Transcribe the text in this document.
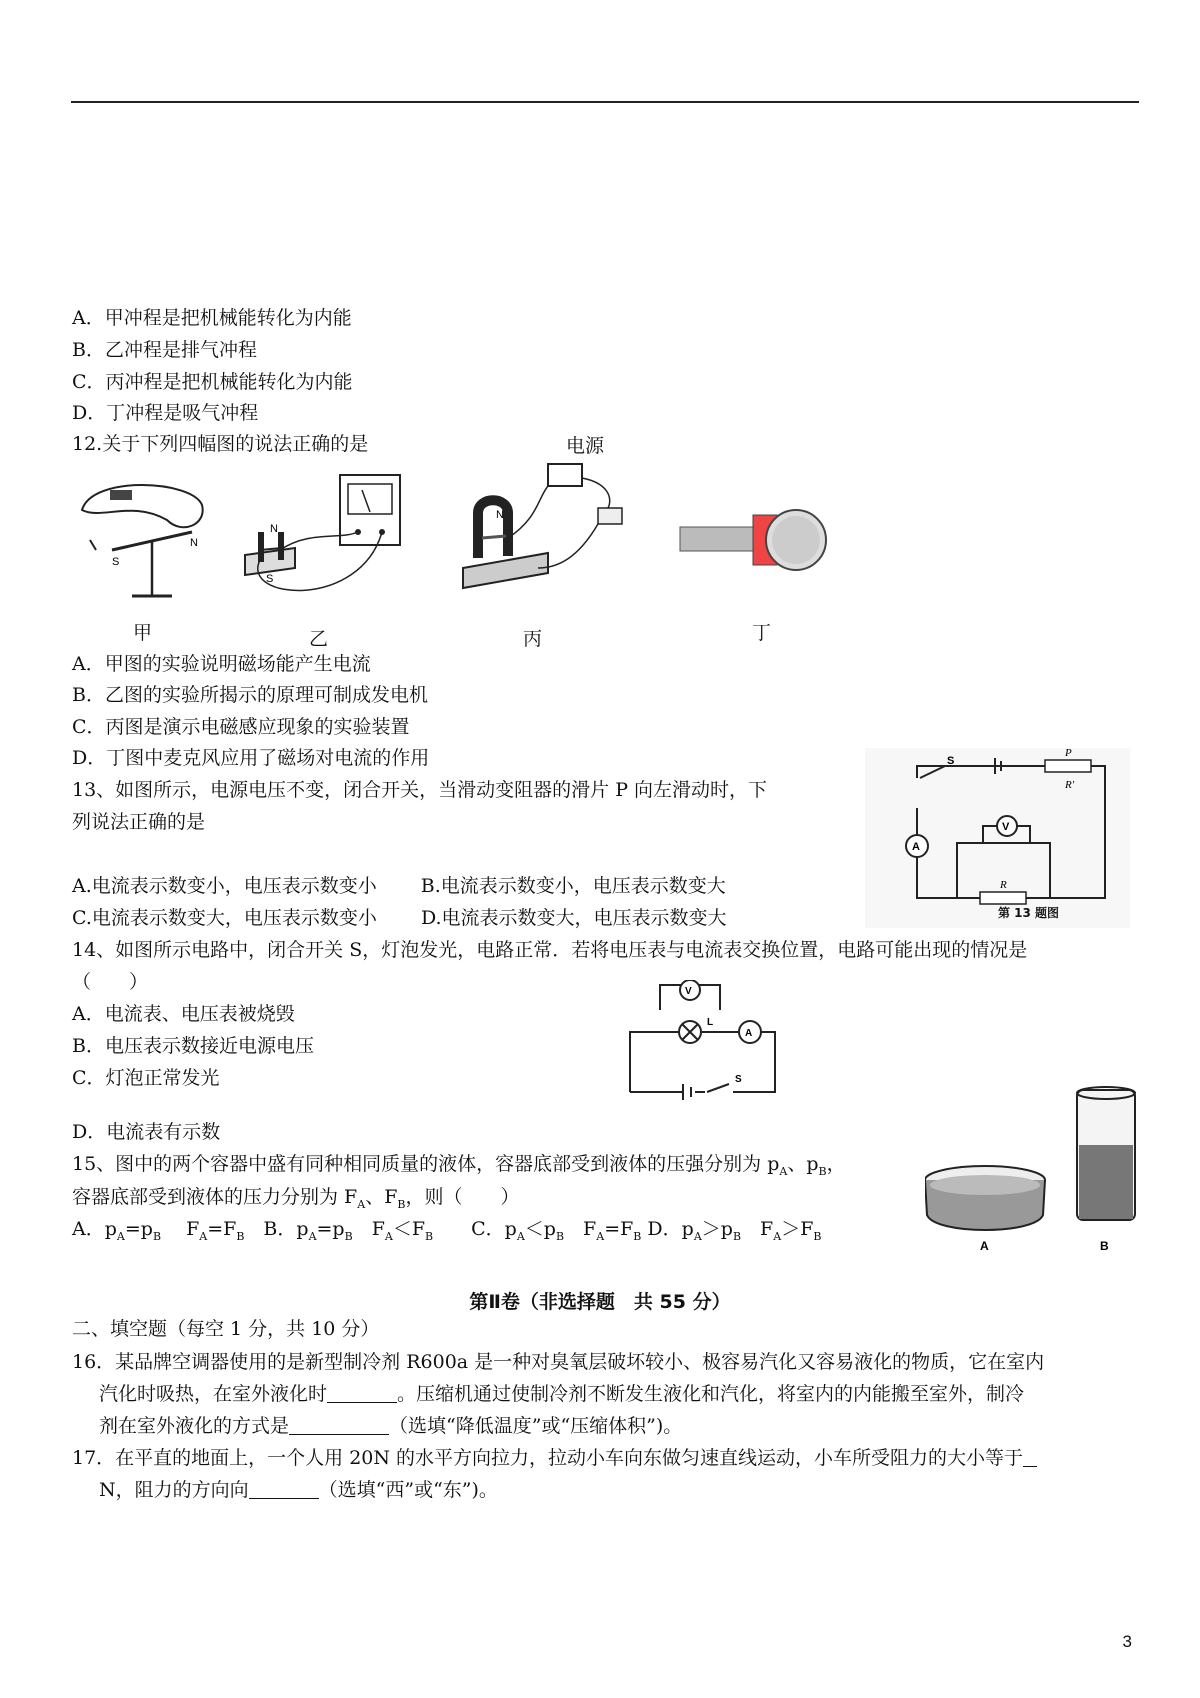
A．甲冲程是把机械能转化为内能
B．乙冲程是排气冲程
C．丙冲程是把机械能转化为内能
D．丁冲程是吸气冲程
12.关于下列四幅图的说法正确的是
S
N
N
S
电源
N
甲	乙	丙	丁
A．甲图的实验说明磁场能产生电流
B．乙图的实验所揭示的原理可制成发电机
C．丙图是演示电磁感应现象的实验装置
D．丁图中麦克风应用了磁场对电流的作用
13、如图所示，电源电压不变，闭合开关，当滑动变阻器的滑片 P 向左滑动时，下
列说法正确的是
A.电流表示数变小，电压表示数变小　　 B.电流表示数变小，电压表示数变大
C.电流表示数变大，电压表示数变小　　 D.电流表示数变大，电压表示数变大
S
P
R'
A
R
V
第 13 题图
14、如图所示电路中，闭合开关 S，灯泡发光，电路正常．若将电压表与电流表交换位置，电路可能出现的情况是
（　　）
A．电流表、电压表被烧毁
B．电压表示数接近电源电压
C．灯泡正常发光
D．电流表有示数
V
L
A
S
15、图中的两个容器中盛有同种相同质量的液体，容器底部受到液体的压强分别为 $p_A$、$p_B$，
容器底部受到液体的压力分别为 $F_A$、$F_B$，则（　　）
A．$p_A=p_B$　 $F_A=F_B$　B．$p_A=p_B$　$F_A<F_B$　　C．$p_A<p_B$　$F_A=F_B$ D．$p_A>p_B$　$F_A>F_B$
A	B
第Ⅱ卷（非选择题　共 55 分）
二、填空题（每空 1 分，共 10 分）
16．某品牌空调器使用的是新型制冷剂 R600a 是一种对臭氧层破坏较小、极容易汽化又容易液化的物质，它在室内
汽化时吸热，在室外液化时	。压缩机通过使制冷剂不断发生液化和汽化，将室内的内能搬至室外，制冷
剂在室外液化的方式是	（选填“降低温度”或“压缩体积”)。
17．在平直的地面上，一个人用 20N 的水平方向拉力，拉动小车向东做匀速直线运动，小车所受阻力的大小等于
N，阻力的方向向	（选填“西”或“东”)。
3
